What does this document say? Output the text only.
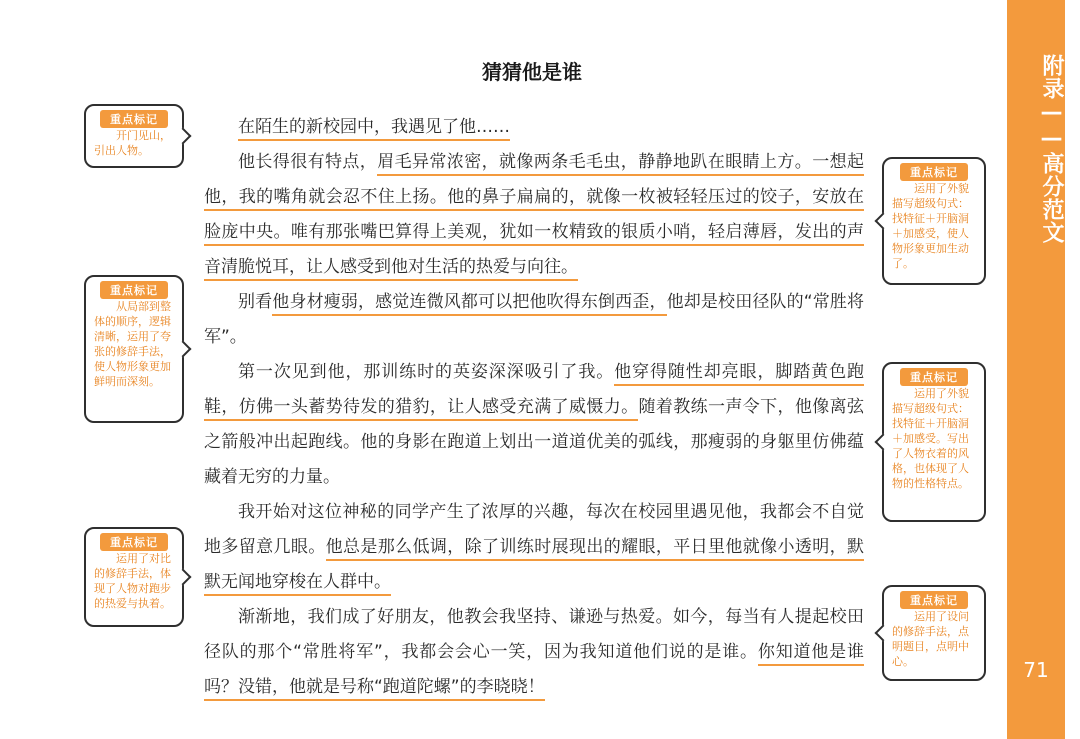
附录——高分范文
71
猜猜他是谁

在陌生的新校园中，我遇见了他……

他长得很有特点，眉毛异常浓密，就像两条毛毛虫，静静地趴在眼睛上方。一想起他，我的嘴角就会忍不住上扬。他的鼻子扁扁的，就像一枚被轻轻压过的饺子，安放在脸庞中央。唯有那张嘴巴算得上美观，犹如一枚精致的银质小哨，轻启薄唇，发出的声音清脆悦耳，让人感受到他对生活的热爱与向往。

别看他身材瘦弱，感觉连微风都可以把他吹得东倒西歪，他却是校田径队的“常胜将军”。

第一次见到他，那训练时的英姿深深吸引了我。他穿得随性却亮眼，脚踏黄色跑鞋，仿佛一头蓄势待发的猎豹，让人感受充满了威慑力。随着教练一声令下，他像离弦之箭般冲出起跑线。他的身影在跑道上划出一道道优美的弧线，那瘦弱的身躯里仿佛蕴藏着无穷的力量。

我开始对这位神秘的同学产生了浓厚的兴趣，每次在校园里遇见他，我都会不自觉地多留意几眼。他总是那么低调，除了训练时展现出的耀眼，平日里他就像小透明，默默无闻地穿梭在人群中。

渐渐地，我们成了好朋友，他教会我坚持、谦逊与热爱。如今，每当有人提起校田径队的那个“常胜将军”，我都会会心一笑，因为我知道他们说的是谁。你知道他是谁吗？没错，他就是号称“跑道陀螺”的李晓晓！

重点标记

开门见山，引出人物。

重点标记

从局部到整体的顺序，逻辑清晰，运用了夸张的修辞手法，使人物形象更加鲜明而深刻。

重点标记

运用了对比的修辞手法，体现了人物对跑步的热爱与执着。

重点标记

运用了外貌描写超级句式：找特征＋开脑洞＋加感受，使人物形象更加生动了。

重点标记

运用了外貌描写超级句式：找特征＋开脑洞＋加感受。写出了人物衣着的风格，也体现了人物的性格特点。

重点标记

运用了设问的修辞手法，点明题目，点明中心。
